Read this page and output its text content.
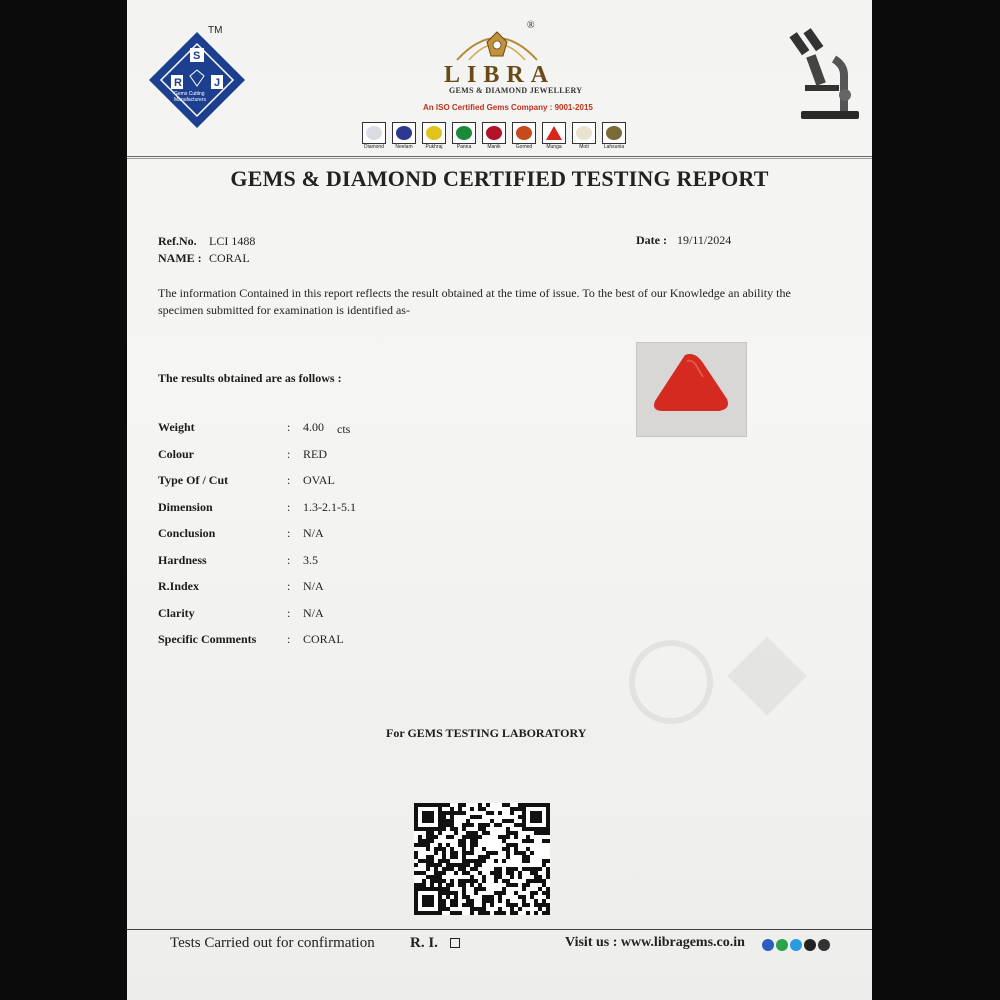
S
R	J
Gems Cutting Manufacturers
TM	®
LIBRA
GEMS & DIAMOND JEWELLERY
An ISO Certified Gems Company : 9001-2015
Diamond	Neelam	Pukhraj	Panna	Manik	Gomed	Munga	Moti	Lahsunia
GEMS & DIAMOND CERTIFIED TESTING REPORT
Ref.No. LCI 1488
NAME : CORAL
Date : 19/11/2024
The information Contained in this report reflects the result obtained at the time of issue. To the best of our Knowledge an ability the specimen submitted for examination is identified as-
The results obtained are as follows :
Weight	: 4.00 cts
Colour	: RED
Type Of / Cut	: OVAL
Dimension	: 1.3-2.1-5.1
Conclusion	: N/A
Hardness	: 3.5
R.Index	: N/A
Clarity	: N/A
Specific Comments	: CORAL
For GEMS TESTING LABORATORY
Tests Carried out for confirmation R. I.	Visit us : www.libragems.co.in
